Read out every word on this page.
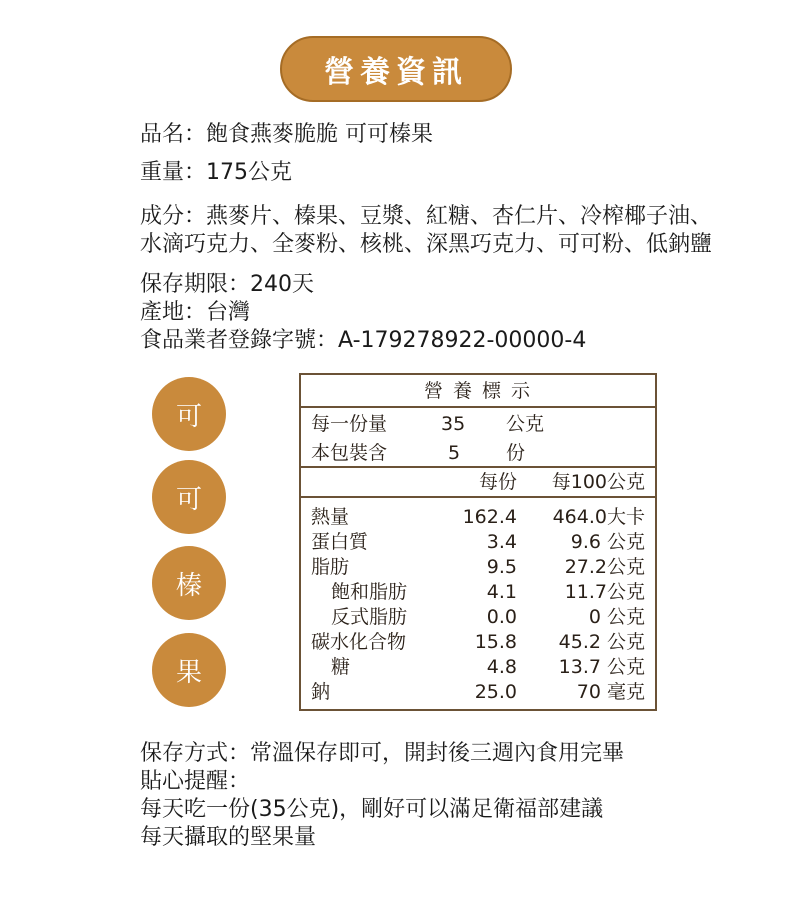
營養資訊
品名：飽食燕麥脆脆 可可榛果
重量：175公克
成分：燕麥片、榛果、豆漿、紅糖、杏仁片、冷榨椰子油、
水滴巧克力、全麥粉、核桃、深黑巧克力、可可粉、低鈉鹽
保存期限：240天
產地：台灣
食品業者登錄字號：A-179278922-00000-4
可
可
榛
果
營 養 標 示
每一份量	35 公克
本包裝含	5 份
每份 每100公克
熱量	162.4 464.0大卡
蛋白質	3.4	9.6 公克
脂肪	9.5	27.2公克
飽和脂肪	4.1	11.7公克
反式脂肪	0.0	0 公克
碳水化合物	15.8 45.2 公克
糖	4.8 13.7 公克
鈉	25.0	70 毫克
保存方式：常溫保存即可，開封後三週內食用完畢
貼心提醒：
每天吃一份(35公克)，剛好可以滿足衛福部建議
每天攝取的堅果量
